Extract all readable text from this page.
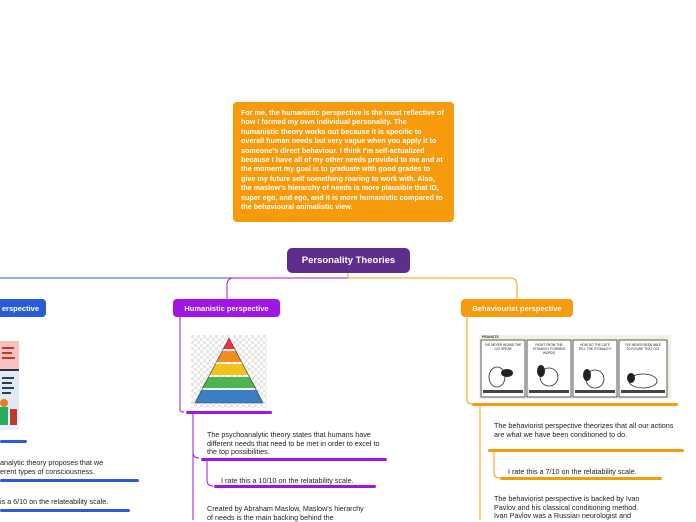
For me, the humanistic perspective is the most reflective of how I formed my own individual personality. The humanistic theory works out because it is specific to overall human needs but very vague when you apply it to someone's direct behaviour. I think I'm self-actualized because I have all of my other needs provided to me and at the moment my goal is to graduate with good grades to give my future self something roaring to work with. Also, the maslow's hierarchy of needs is more plausible that ID, super ego, and ego, and it is more humanistic compared to the behavioural animalistic view.
Personality Theories
erspective
analytic theory proposes that we
erent types of consciousness.
is a 6/10 on the relateability scale.
Humanistic perspective
The psychoanalytic theory states that humans have different needs that need to be met in order to excel to the top possibilities.
I rate this a 10/10 on the relatability scale.
Created by Abraham Maslow, Maslow's hierarchy
of needs is the main backing behind the
Behaviourist perspective
PEANUTS
I'VE NEVER HEARD THE CAT SPEAK
RIGHT FROM THE STOMACH, FORMING WORDS
HOW DO THE CATS TELL THE STOMACH?
I'VE NEVER BEEN ABLE TO FIGURE THAT OUT
The behaviorist perspective theorizes that all our actions are what we have been conditioned to do.
I rate this a 7/10 on the relatability scale.
The behaviorist perspective is backed by Ivan
Pavlov and his classical conditioning method.
Ivan Pavlov was a Russian neurologist and
